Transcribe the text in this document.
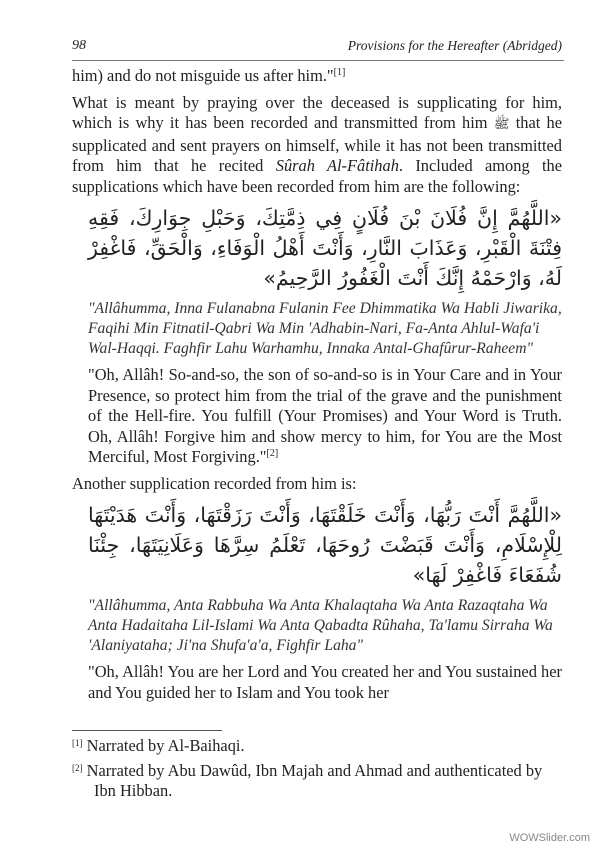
98	Provisions for the Hereafter (Abridged)

him) and do not misguide us after him."[1]

What is meant by praying over the deceased is supplicating for him, which is why it has been recorded and transmitted from him ﷺ that he supplicated and sent prayers on himself, while it has not been transmitted from him that he recited Sûrah Al-Fâtihah. Included among the supplications which have been recorded from him are the following:

«اللَّهُمَّ إِنَّ فُلَانَ بْنَ فُلَانٍ فِي ذِمَّتِكَ، وَحَبْلِ جِوَارِكَ، فَقِهِ فِتْنَةَ الْقَبْرِ، وَعَذَابَ النَّارِ، وَأَنْتَ أَهْلُ الْوَفَاءِ، وَالْحَقِّ، فَاغْفِرْ لَهُ، وَارْحَمْهُ إِنَّكَ أَنْتَ الْغَفُورُ الرَّحِيمُ»

"Allâhumma, Inna Fulanabna Fulanin Fee Dhimmatika Wa Habli Jiwarika, Faqihi Min Fitnatil-Qabri Wa Min 'Adhabin-Nari, Fa-Anta Ahlul-Wafa'i Wal-Haqqi. Faghfir Lahu Warhamhu, Innaka Antal-Ghafûrur-Raheem"

"Oh, Allâh! So-and-so, the son of so-and-so is in Your Care and in Your Presence, so protect him from the trial of the grave and the punishment of the Hell-fire. You fulfill (Your Promises) and Your Word is Truth. Oh, Allâh! Forgive him and show mercy to him, for You are the Most Merciful, Most Forgiving."[2]

Another supplication recorded from him is:

«اللَّهُمَّ أَنْتَ رَبُّهَا، وَأَنْتَ خَلَقْتَهَا، وَأَنْتَ رَزَقْتَهَا، وَأَنْتَ هَدَيْتَهَا لِلْإِسْلَامِ، وَأَنْتَ قَبَضْتَ رُوحَهَا، تَعْلَمُ سِرَّهَا وَعَلَانِيَتَهَا، جِئْنَا شُفَعَاءَ فَاغْفِرْ لَهَا»

"Allâhumma, Anta Rabbuha Wa Anta Khalaqtaha Wa Anta Razaqtaha Wa Anta Hadaitaha Lil-Islami Wa Anta Qabadta Rûhaha, Ta'lamu Sirraha Wa 'Alaniyataha; Ji'na Shufa'a'a, Fighfir Laha"

"Oh, Allâh! You are her Lord and You created her and You sustained her and You guided her to Islam and You took her

[1] Narrated by Al-Baihaqi.

[2] Narrated by Abu Dawûd, Ibn Majah and Ahmad and authenticated by Ibn Hibban.

WOWSlider.com
